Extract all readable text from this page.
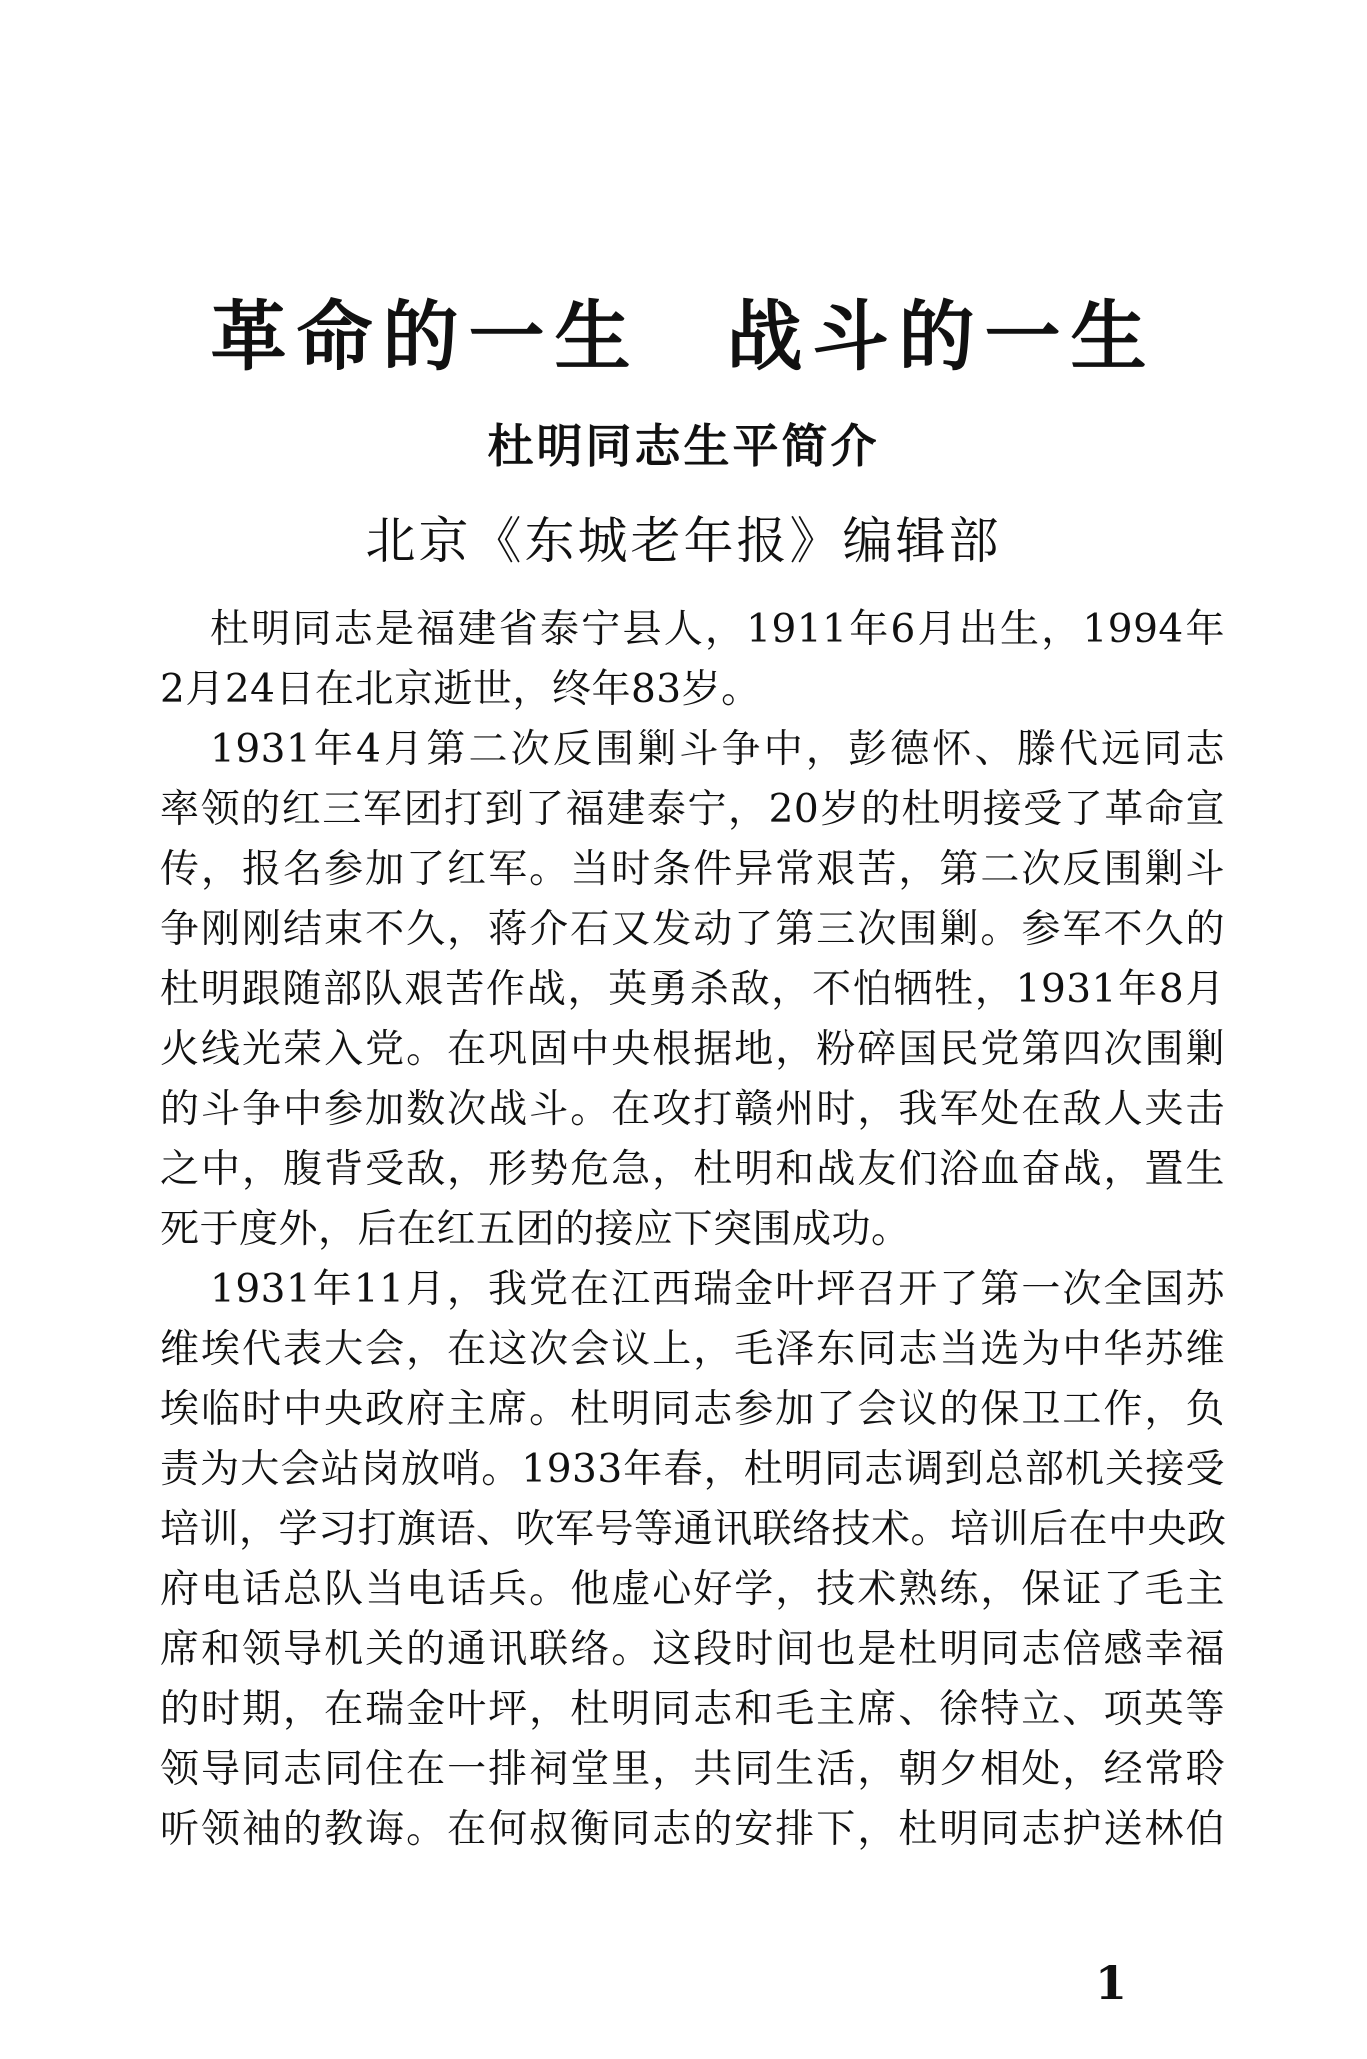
革命的一生　战斗的一生
杜明同志生平简介
北京《东城老年报》编辑部
杜明同志是福建省泰宁县人，1911年6月出生，1994年
2月24日在北京逝世，终年83岁。
1931年4月第二次反围剿斗争中，彭德怀、滕代远同志
率领的红三军团打到了福建泰宁，20岁的杜明接受了革命宣
传，报名参加了红军。当时条件异常艰苦，第二次反围剿斗
争刚刚结束不久，蒋介石又发动了第三次围剿。参军不久的
杜明跟随部队艰苦作战，英勇杀敌，不怕牺牲，1931年8月
火线光荣入党。在巩固中央根据地，粉碎国民党第四次围剿
的斗争中参加数次战斗。在攻打赣州时，我军处在敌人夹击
之中，腹背受敌，形势危急，杜明和战友们浴血奋战，置生
死于度外，后在红五团的接应下突围成功。
1931年11月，我党在江西瑞金叶坪召开了第一次全国苏
维埃代表大会，在这次会议上，毛泽东同志当选为中华苏维
埃临时中央政府主席。杜明同志参加了会议的保卫工作，负
责为大会站岗放哨。1933年春，杜明同志调到总部机关接受
培训，学习打旗语、吹军号等通讯联络技术。培训后在中央政
府电话总队当电话兵。他虚心好学，技术熟练，保证了毛主
席和领导机关的通讯联络。这段时间也是杜明同志倍感幸福
的时期，在瑞金叶坪，杜明同志和毛主席、徐特立、项英等
领导同志同住在一排祠堂里，共同生活，朝夕相处，经常聆
听领袖的教诲。在何叔衡同志的安排下，杜明同志护送林伯
1
